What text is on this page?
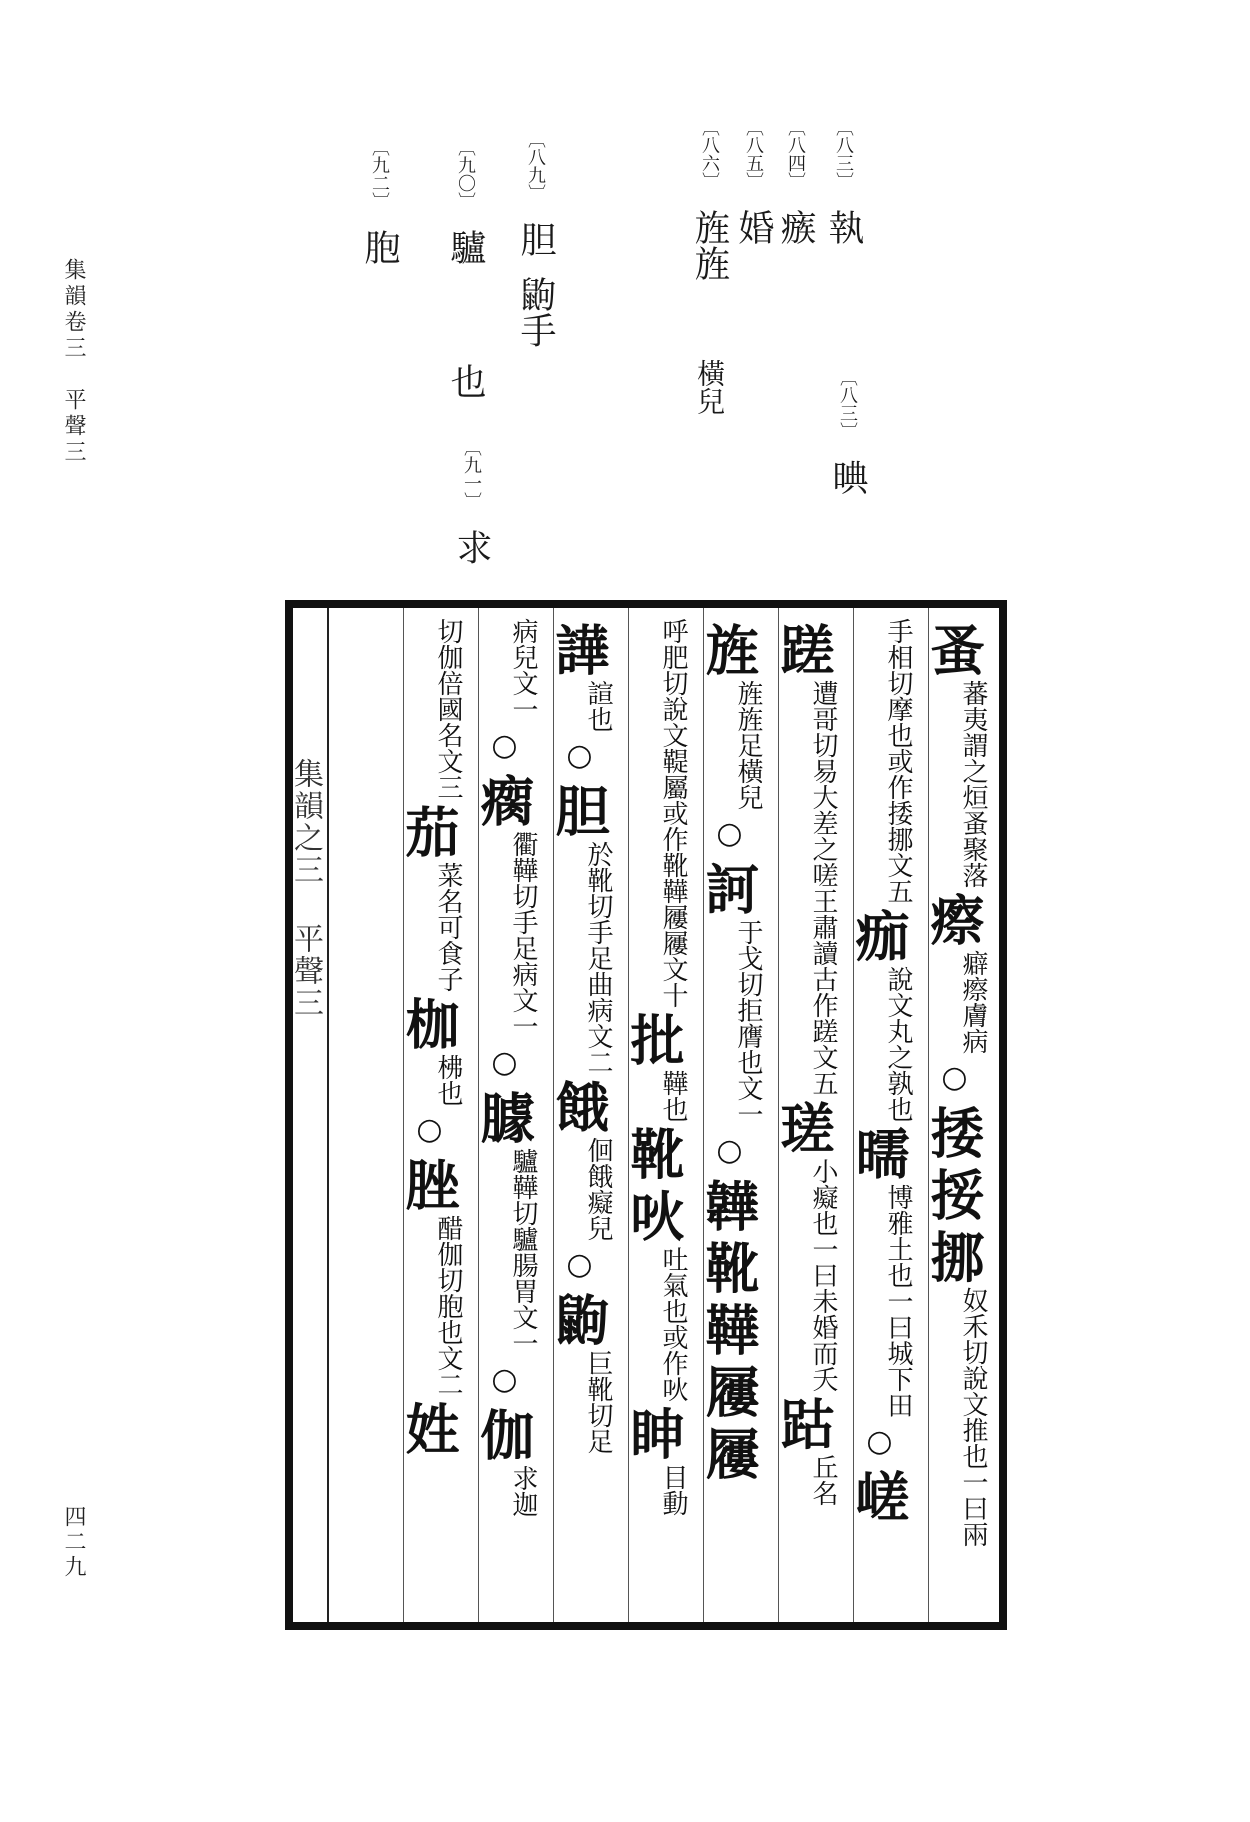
集韻卷三　平聲三
四二九
〔八三〕 執
〔八三〕 晪
〔八四〕 瘯
〔八五〕 婚
〔八六〕 旌旌  橫兒
〔八九〕 胆 鼩手
〔九〇〕 驢  也
〔九一〕 求
〔九二〕 胞
集韻之三 平聲三
蚤
蕃夷謂之烜蚤
聚落
瘵
癖瘵膚病
○
捼
挼
挪
奴禾切說文推也一曰兩
手相切摩也或作捼挪文五
痂
說文丸之孰也
曘
博雅土也一曰城下田
○
嵯
蹉
遭哥切易大差之嗟王肅讀古作蹉文五
瑳
小癡也一曰未婚而夭
跍
丘名
旌
旌旌足橫兒
○
訶
于戈切拒膺也文一
○
韡
靴
鞾
屨
屨
呼肥切說文鞮屬或作靴鞾屨屨文十
批
鞾也
靴
吙
吐氣也或作吙
眒
目動
譁
諠也
○
胆
於靴切手足曲病文二
餓
佪餓癡兒
○
鼩
巨靴切足
病兒文一
○
瘸
衢鞾切手足病文一
○
臄
驢鞾切驢腸胃文一
○
伽
求迦
切伽倍國名文三
茄
菜名可食子
枷
柫也
○
脞
醋伽切胞也文二
姓
